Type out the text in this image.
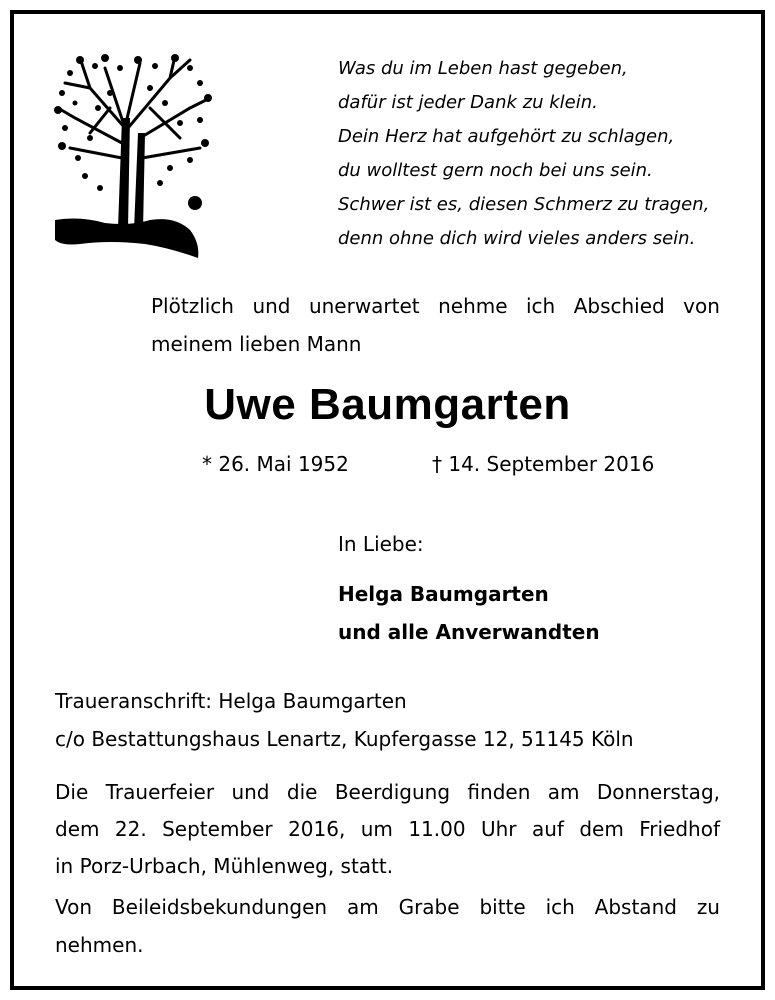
Was du im Leben hast gegeben,
dafür ist jeder Dank zu klein.
Dein Herz hat aufgehört zu schlagen,
du wolltest gern noch bei uns sein.
Schwer ist es, diesen Schmerz zu tragen,
denn ohne dich wird vieles anders sein.
Plötzlich und unerwartet nehme ich Abschied von
meinem lieben Mann
Uwe Baumgarten
* 26. Mai 1952	† 14. September 2016
In Liebe:
Helga Baumgarten
und alle Anverwandten
Traueranschrift: Helga Baumgarten
c/o Bestattungshaus Lenartz, Kupfergasse 12, 51145 Köln
Die Trauerfeier und die Beerdigung finden am Donnerstag,
dem 22. September 2016, um 11.00 Uhr auf dem Friedhof
in Porz-Urbach, Mühlenweg, statt.
Von Beileidsbekundungen am Grabe bitte ich Abstand zu
nehmen.
